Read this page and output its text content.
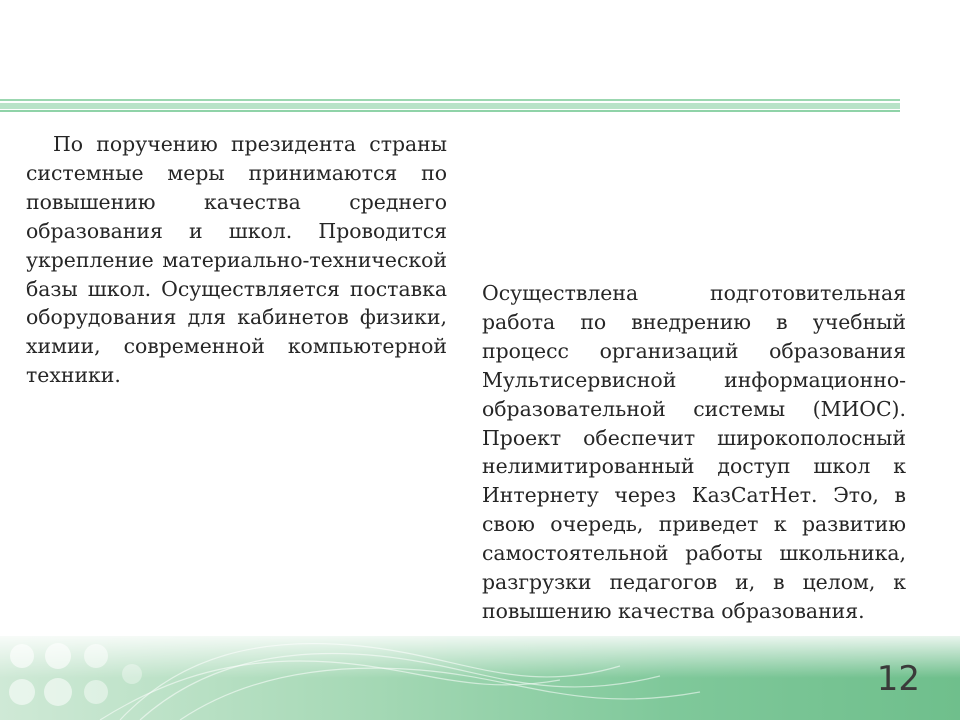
По поручению президента страны системные меры принимаются по повышению качества среднего образования и школ. Проводится укрепление материально-технической базы школ. Осуществляется поставка оборудования для кабинетов физики, химии, современной компьютерной техники.

Осуществлена подготовительная работа по внедрению в учебный процесс организаций образования Мультисервисной информационно-образовательной системы (МИОС). Проект обеспечит широкополосный нелимитированный доступ школ к Интернету через КазСатНет. Это, в свою очередь, приведет к развитию самостоятельной работы школьника, разгрузки педагогов и, в целом, к повышению качества образования.

12
